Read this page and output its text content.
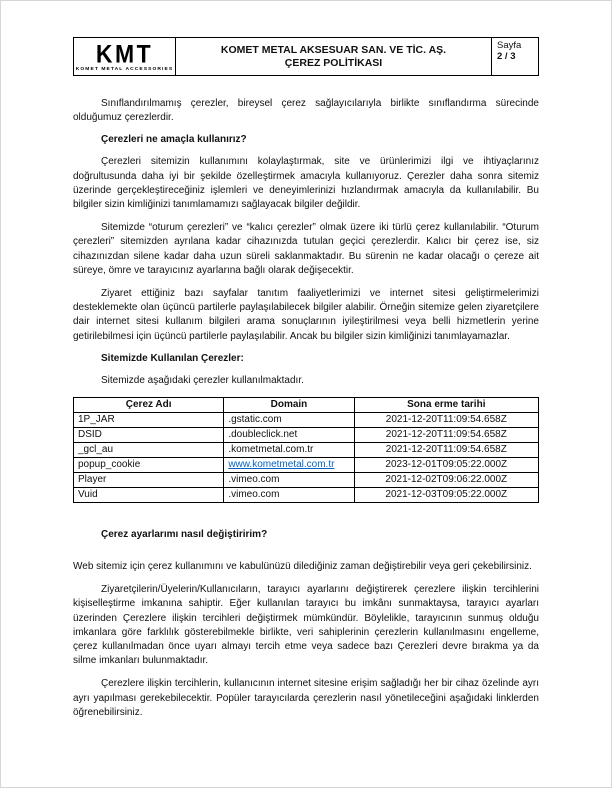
KMT
KOMET METAL ACCESSORIES
KOMET METAL AKSESUAR SAN. VE TİC. AŞ.
ÇEREZ POLİTİKASI
Sayfa
2 / 3

Sınıflandırılmamış çerezler, bireysel çerez sağlayıcılarıyla birlikte sınıflandırma sürecinde olduğumuz çerezlerdir.

Çerezleri ne amaçla kullanırız?

Çerezleri sitemizin kullanımını kolaylaştırmak, site ve ürünlerimizi ilgi ve ihtiyaçlarınız doğrultusunda daha iyi bir şekilde özelleştirmek amacıyla kullanıyoruz. Çerezler daha sonra sitemiz üzerinde gerçekleştireceğiniz işlemleri ve deneyimlerinizi hızlandırmak amacıyla da kullanılabilir. Bu bilgiler sizin kimliğinizi tanımlamamızı sağlayacak bilgiler değildir.

Sitemizde “oturum çerezleri” ve “kalıcı çerezler” olmak üzere iki türlü çerez kullanılabilir. “Oturum çerezleri” sitemizden ayrılana kadar cihazınızda tutulan geçici çerezlerdir. Kalıcı bir çerez ise, siz cihazınızdan silene kadar daha uzun süreli saklanmaktadır. Bu sürenin ne kadar olacağı o çereze ait süreye, ömre ve tarayıcınız ayarlarına bağlı olarak değişecektir.

Ziyaret ettiğiniz bazı sayfalar tanıtım faaliyetlerimizi ve internet sitesi geliştirmelerimizi desteklemekte olan üçüncü partilerle paylaşılabilecek bilgiler alabilir. Örneğin sitemize gelen ziyaretçilere dair internet sitesi kullanım bilgileri arama sonuçlarının iyileştirilmesi veya belli hizmetlerin yerine getirilebilmesi için üçüncü partilerle paylaşılabilir. Ancak bu bilgiler sizin kimliğinizi tanımlayamazlar.

Sitemizde Kullanılan Çerezler:

Sitemizde aşağıdaki çerezler kullanılmaktadır.

Çerez Adı	Domain	Sona erme tarihi
1P_JAR	.gstatic.com	2021-12-20T11:09:54.658Z
DSID	.doubleclick.net	2021-12-20T11:09:54.658Z
_gcl_au	.kometmetal.com.tr	2021-12-20T11:09:54.658Z
popup_cookie	www.kometmetal.com.tr	2023-12-01T09:05:22.000Z
Player	.vimeo.com	2021-12-02T09:06:22.000Z
Vuid	.vimeo.com	2021-12-03T09:05:22.000Z
Çerez ayarlarımı nasıl değiştiririm?

Web sitemiz için çerez kullanımını ve kabulünüzü dilediğiniz zaman değiştirebilir veya geri çekebilirsiniz.

Ziyaretçilerin/Üyelerin/Kullanıcıların, tarayıcı ayarlarını değiştirerek çerezlere ilişkin tercihlerini kişiselleştirme imkanına sahiptir. Eğer kullanılan tarayıcı bu imkânı sunmaktaysa, tarayıcı ayarları üzerinden Çerezlere ilişkin tercihleri değiştirmek mümkündür. Böylelikle, tarayıcının sunmuş olduğu imkanlara göre farklılık gösterebilmekle birlikte, veri sahiplerinin çerezlerin kullanılmasını engelleme, çerez kullanılmadan önce uyarı almayı tercih etme veya sadece bazı Çerezleri devre bırakma ya da silme imkanları bulunmaktadır.

Çerezlere ilişkin tercihlerin, kullanıcının internet sitesine erişim sağladığı her bir cihaz özelinde ayrı ayrı yapılması gerekebilecektir. Popüler tarayıcılarda çerezlerin nasıl yönetileceğini aşağıdaki linklerden öğrenebilirsiniz.
